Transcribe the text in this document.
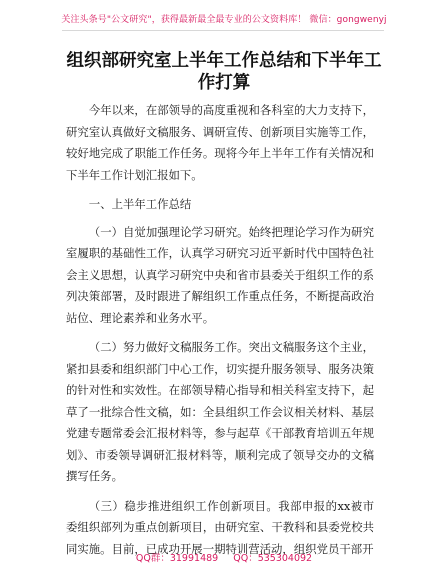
关注头条号"公文研究"，获得最新最全最专业的公文资料库！ 微信：gongwenyj
组织部研究室上半年工作总结和下半年工作打算

今年以来，在部领导的高度重视和各科室的大力支持下，研究室认真做好文稿服务、调研宣传、创新项目实施等工作，较好地完成了职能工作任务。现将今年上半年工作有关情况和下半年工作计划汇报如下。

一、上半年工作总结

（一）自觉加强理论学习研究。始终把理论学习作为研究室履职的基础性工作，认真学习研究习近平新时代中国特色社会主义思想，认真学习研究中央和省市县委关于组织工作的系列决策部署，及时跟进了解组织工作重点任务，不断提高政治站位、理论素养和业务水平。

（二）努力做好文稿服务工作。突出文稿服务这个主业，紧扣县委和组织部门中心工作，切实提升服务领导、服务决策的针对性和实效性。在部领导精心指导和相关科室支持下，起草了一批综合性文稿，如：全县组织工作会议相关材料、基层党建专题常委会汇报材料等，参与起草《干部教育培训五年规划》、市委领导调研汇报材料等，顺利完成了领导交办的文稿撰写任务。

（三）稳步推进组织工作创新项目。我部申报的xx被市委组织部列为重点创新项目，由研究室、干教科和县委党校共同实施。目前，已成功开展一期特训营活动，组织党员干部开

QQ群：31991489 QQ：535304092
